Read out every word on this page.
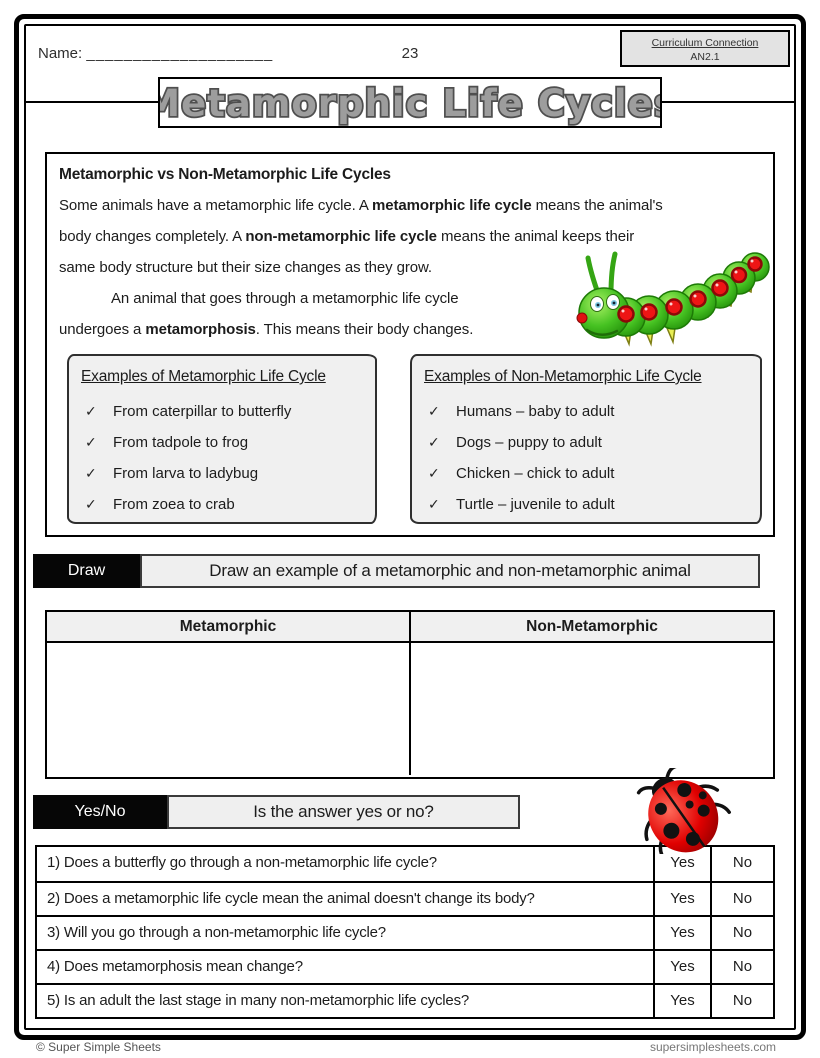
Name: ____________________	23
Curriculum Connection
AN2.1
Metamorphic Life Cycles
Metamorphic vs Non-Metamorphic Life Cycles
Some animals have a metamorphic life cycle. A metamorphic life cycle means the animal's
body changes completely. A non-metamorphic life cycle means the animal keeps their
same body structure but their size changes as they grow.
An animal that goes through a metamorphic life cycle
undergoes a metamorphosis. This means their body changes.
Examples of Metamorphic Life Cycle
✓ From caterpillar to butterfly
✓ From tadpole to frog
✓ From larva to ladybug
✓ From zoea to crab
Examples of Non-Metamorphic Life Cycle
✓ Humans – baby to adult
✓ Dogs – puppy to adult
✓ Chicken – chick to adult
✓ Turtle – juvenile to adult
Draw	Draw an example of a metamorphic and non-metamorphic animal
Metamorphic	Non-Metamorphic
Yes/No	Is the answer yes or no?
1) Does a butterfly go through a non-metamorphic life cycle?	Yes	No
2) Does a metamorphic life cycle mean the animal doesn't change its body?	Yes	No
3) Will you go through a non-metamorphic life cycle?	Yes	No
4) Does metamorphosis mean change?	Yes	No
5) Is an adult the last stage in many non-metamorphic life cycles?	Yes	No
© Super Simple Sheets	supersimplesheets.com
